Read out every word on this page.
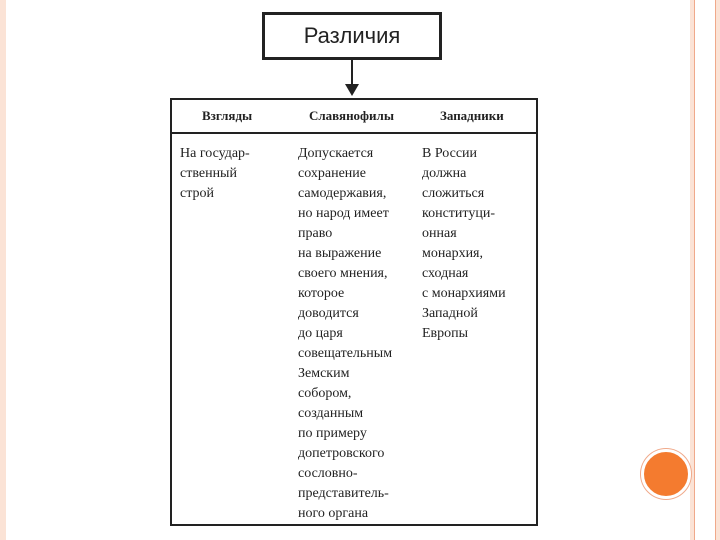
Различия
Взгляды	Славянофилы	Западники
На государ-
ственный
строй
Допускается
сохранение
самодержавия,
но народ имеет
право
на выражение
своего мнения,
которое
доводится
до царя
совещательным
Земским
собором,
созданным
по примеру
допетровского
сословно-
представитель-
ного органа
В России
должна
сложиться
конституци-
онная
монархия,
сходная
с монархиями
Западной
Европы
